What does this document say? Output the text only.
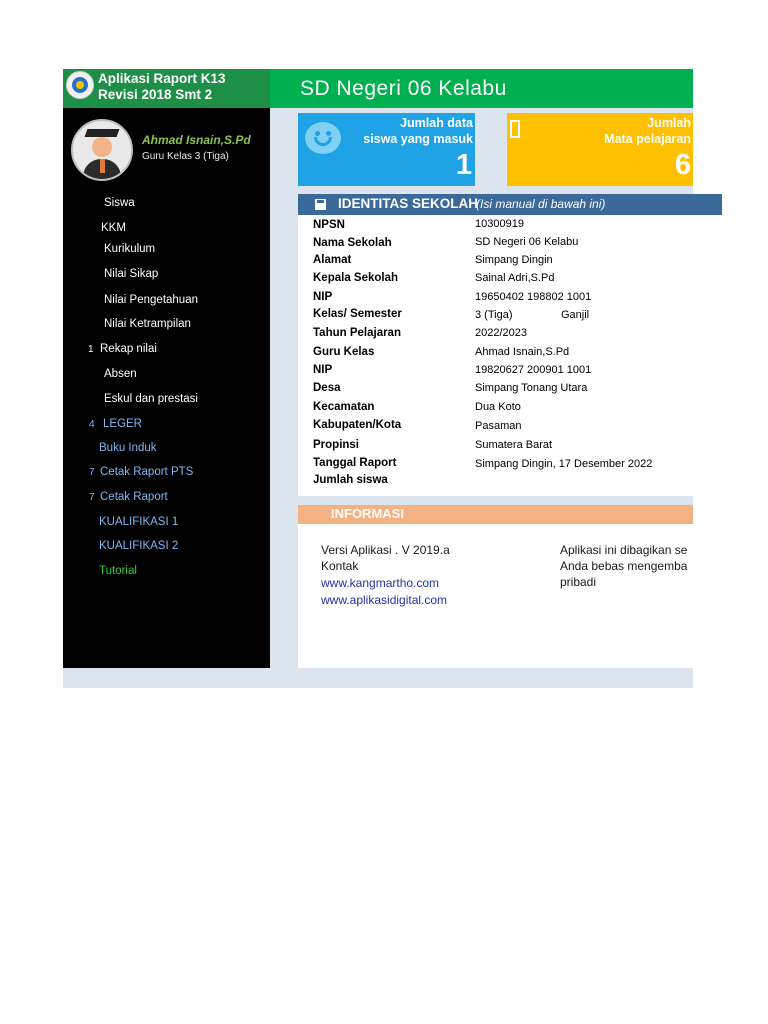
Aplikasi Raport K13
Revisi 2018 Smt 2
Ahmad Isnain,S.Pd
Guru Kelas 3 (Tiga)
Siswa
KKM
Kurikulum
Nilai Sikap
Nilai Pengetahuan
Nilai Ketrampilan
1 Rekap nilai
Absen
Eskul dan prestasi
4 LEGER
Buku Induk
7 Cetak Raport PTS
7 Cetak Raport
KUALIFIKASI 1
KUALIFIKASI 2
Tutorial
SD Negeri 06 Kelabu
Jumlah data
siswa yang masuk
1
Jumlah
Mata pelajaran
6
IDENTITAS SEKOLAH
(Isi manual di bawah ini)
NPSN	10300919
Nama Sekolah	SD Negeri 06 Kelabu
Alamat	Simpang Dingin
Kepala Sekolah	Sainal Adri,S.Pd
NIP	19650402 198802 1001
Kelas/ Semester	3 (Tiga)	Ganjil
Tahun Pelajaran	2022/2023
Guru Kelas	Ahmad Isnain,S.Pd
NIP	19820627 200901 1001
Desa	Simpang Tonang Utara
Kecamatan	Dua Koto
Kabupaten/Kota	Pasaman
Propinsi	Sumatera Barat
Tanggal Raport	Simpang Dingin, 17 Desember 2022
Jumlah siswa
INFORMASI
Versi Aplikasi . V 2019.a
Kontak
www.kangmartho.com
www.aplikasidigital.com
Aplikasi ini dibagikan se
Anda bebas mengemba
pribadi
